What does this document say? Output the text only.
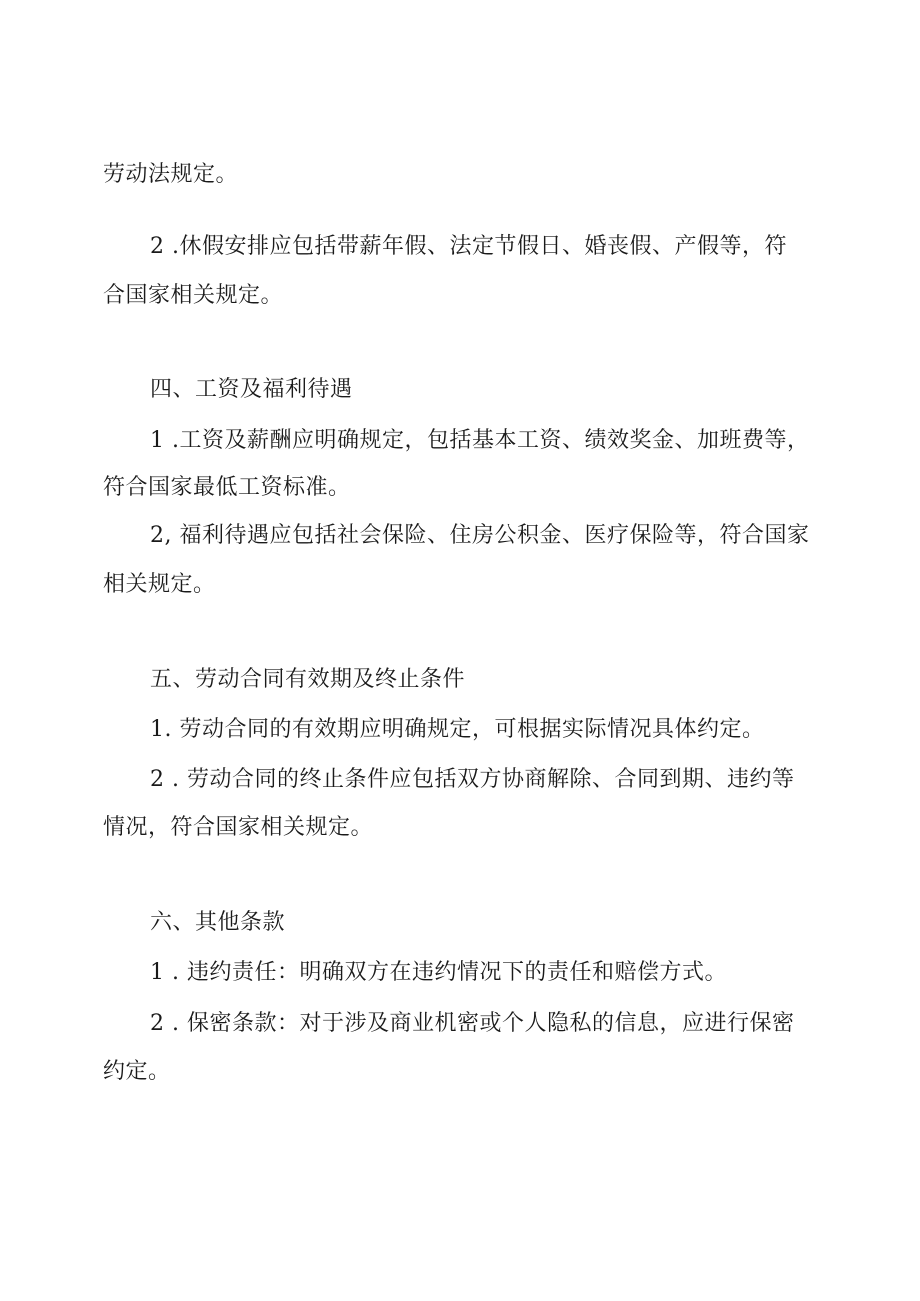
劳动法规定。
2 .休假安排应包括带薪年假、法定节假日、婚丧假、产假等，符
合国家相关规定。
四、工资及福利待遇
1 .工资及薪酬应明确规定，包括基本工资、绩效奖金、加班费等，
符合国家最低工资标准。
2, 福利待遇应包括社会保险、住房公积金、医疗保险等，符合国家
相关规定。
五、劳动合同有效期及终止条件
1. 劳动合同的有效期应明确规定，可根据实际情况具体约定。
2 . 劳动合同的终止条件应包括双方协商解除、合同到期、违约等
情况，符合国家相关规定。
六、其他条款
1 . 违约责任：明确双方在违约情况下的责任和赔偿方式。
2 . 保密条款：对于涉及商业机密或个人隐私的信息，应进行保密
约定。
